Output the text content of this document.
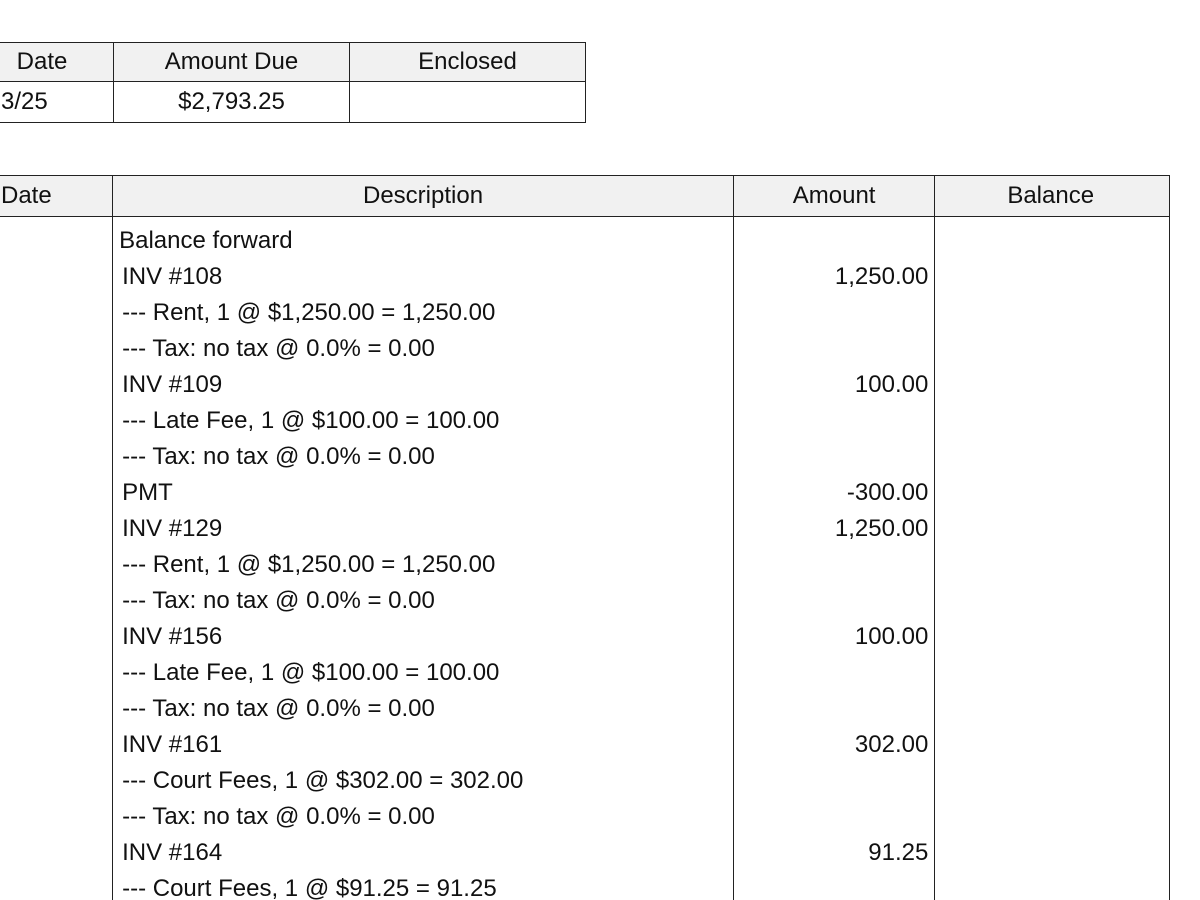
Date	Amount Due	Enclosed
3/25	$2,793.25	
Date	Description	Amount	Balance
	Balance forward		
	INV #108	1,250.00	
	--- Rent, 1 @ $1,250.00 = 1,250.00		
	--- Tax: no tax @ 0.0% = 0.00		
	INV #109	100.00	
	--- Late Fee, 1 @ $100.00 = 100.00		
	--- Tax: no tax @ 0.0% = 0.00		
	PMT	-300.00	
	INV #129	1,250.00	
	--- Rent, 1 @ $1,250.00 = 1,250.00		
	--- Tax: no tax @ 0.0% = 0.00		
	INV #156	100.00	
	--- Late Fee, 1 @ $100.00 = 100.00		
	--- Tax: no tax @ 0.0% = 0.00		
	INV #161	302.00	
	--- Court Fees, 1 @ $302.00 = 302.00		
	--- Tax: no tax @ 0.0% = 0.00		
	INV #164	91.25	
	--- Court Fees, 1 @ $91.25 = 91.25		
